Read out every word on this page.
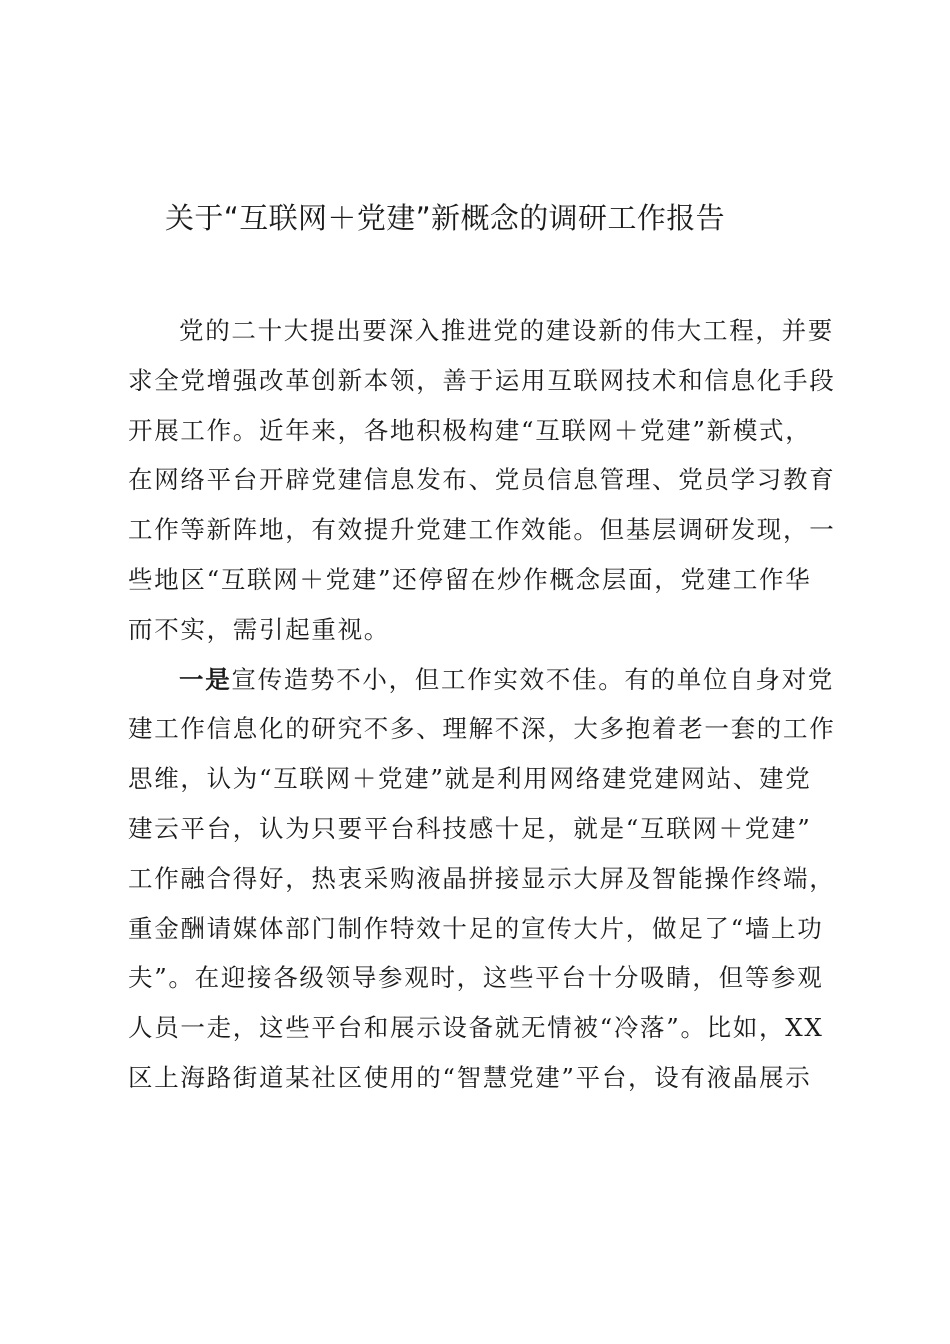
关于“互联网＋党建”新概念的调研工作报告

党的二十大提出要深入推进党的建设新的伟大工程，并要

求全党增强改革创新本领，善于运用互联网技术和信息化手段

开展工作。近年来，各地积极构建“互联网＋党建”新模式，

在网络平台开辟党建信息发布、党员信息管理、党员学习教育

工作等新阵地，有效提升党建工作效能。但基层调研发现，一

些地区“互联网＋党建”还停留在炒作概念层面，党建工作华

而不实，需引起重视。

一是宣传造势不小，但工作实效不佳。有的单位自身对党

建工作信息化的研究不多、理解不深，大多抱着老一套的工作

思维，认为“互联网＋党建”就是利用网络建党建网站、建党

建云平台，认为只要平台科技感十足，就是“互联网＋党建”

工作融合得好，热衷采购液晶拼接显示大屏及智能操作终端，

重金酬请媒体部门制作特效十足的宣传大片，做足了“墙上功

夫”。在迎接各级领导参观时，这些平台十分吸睛，但等参观

人员一走，这些平台和展示设备就无情被“冷落”。比如，XX

区上海路街道某社区使用的“智慧党建”平台，设有液晶展示
